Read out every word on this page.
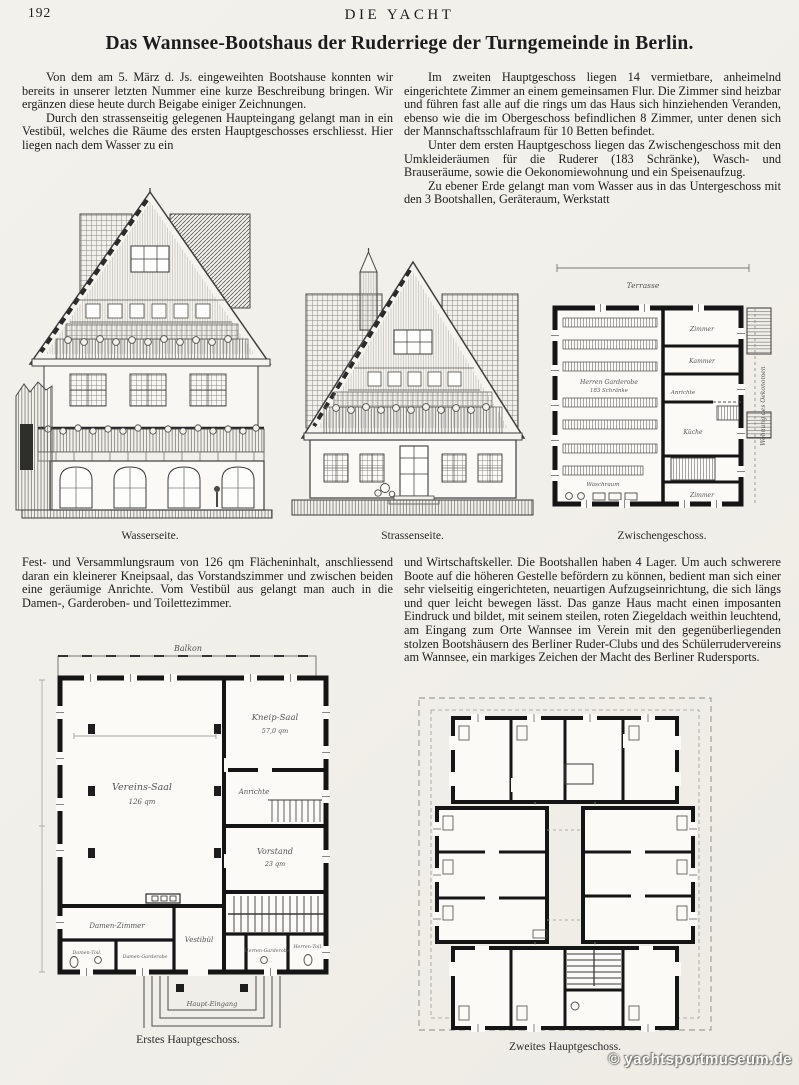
192	DIE YACHT
Das Wannsee-Bootshaus der Ruderriege der Turngemeinde in Berlin.

Von dem am 5. März d. Js. eingeweihten Bootshause konnten wir bereits in unserer letzten Nummer eine kurze Beschreibung bringen. Wir ergänzen diese heute durch Beigabe einiger Zeichnungen.

Durch den strassenseitig gelegenen Haupteingang gelangt man in ein Vestibül, welches die Räume des ersten Hauptgeschosses erschliesst. Hier liegen nach dem Wasser zu ein

Im zweiten Hauptgeschoss liegen 14 vermietbare, anheimelnd eingerichtete Zimmer an einem gemeinsamen Flur. Die Zimmer sind heizbar und führen fast alle auf die rings um das Haus sich hinziehenden Veranden, ebenso wie die im Obergeschoss befindlichen 8 Zimmer, unter denen sich der Mannschaftsschlafraum für 10 Betten befindet.

Unter dem ersten Hauptgeschoss liegen das Zwischengeschoss mit den Umkleideräumen für die Ruderer (183 Schränke), Wasch- und Brauseräume, sowie die Oekonomiewohnung und ein Speisenaufzug.

Zu ebener Erde gelangt man vom Wasser aus in das Untergeschoss mit den 3 Bootshallen, Geräteraum, Werkstatt

Wasserseite.	Strassenseite.
Terrasse
Herren Garderobe
183 Schränke
Zimmer
Kammer
Anrichte
Küche
Zimmer
Waschraum
Wohnung des Oekonomen
Zwischengeschoss.

Fest- und Versammlungsraum von 126 qm Flächeninhalt, anschliessend daran ein kleinerer Kneipsaal, das Vorstandszimmer und zwischen beiden eine geräumige Anrichte. Vom Vestibül aus gelangt man auch in die Damen-, Garderoben- und Toilettezimmer.

und Wirtschaftskeller. Die Bootshallen haben 4 Lager. Um auch schwerere Boote auf die höheren Gestelle befördern zu können, bedient man sich einer sehr vielseitig eingerichteten, neuartigen Aufzugseinrichtung, die sich längs und quer leicht bewegen lässt. Das ganze Haus macht einen imposanten Eindruck und bildet, mit seinem steilen, roten Ziegeldach weithin leuchtend, am Eingang zum Orte Wannsee im Verein mit den gegenüberliegenden stolzen Bootshäusern des Berliner Ruder-Clubs und des Schülerrudervereins am Wannsee, ein markiges Zeichen der Macht des Berliner Rudersports.

Balkon
Vereins-Saal
126 qm
Kneip-Saal
57,0 qm
Anrichte
Vorstand
23 qm
Damen-Zimmer
Vestibül
Damen-Toil.
Damen-Garderobe
Herren-Garderobe
Herren-Toil.
Haupt-Eingang
Erstes Hauptgeschoss.
Zweites Hauptgeschoss.
© yachtsportmuseum.de
